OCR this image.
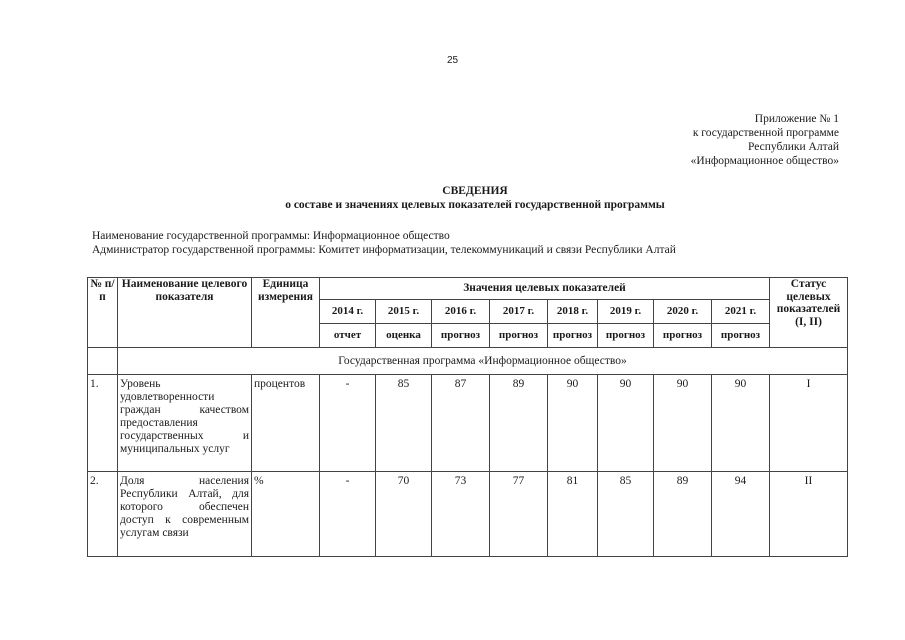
25
Приложение № 1
к государственной программе
Республики Алтай
«Информационное общество»
СВЕДЕНИЯ
о составе и значениях целевых показателей государственной программы
Наименование государственной программы: Информационное общество
Администратор государственной программы: Комитет информатизации, телекоммуникаций и связи Республики Алтай
№ п/п	Наименование целевого показателя	Единица измерения	Значения целевых показателей								Статус целевых показателей (I, II)
			2014 г.	2015 г.	2016 г.	2017 г.	2018 г.	2019 г.	2020 г.	2021 г.	
			отчет	оценка	прогноз	прогноз	прогноз	прогноз	прогноз	прогноз	
	Государственная программа «Информационное общество»										
1.	Уровень удовлетворенности граждан качеством предоставления государственных и муниципальных услуг	процентов	-	85	87	89	90	90	90	90	I
2.	Доля населения Республики Алтай, для которого обеспечен доступ к современным услугам связи	%	-	70	73	77	81	85	89	94	II
